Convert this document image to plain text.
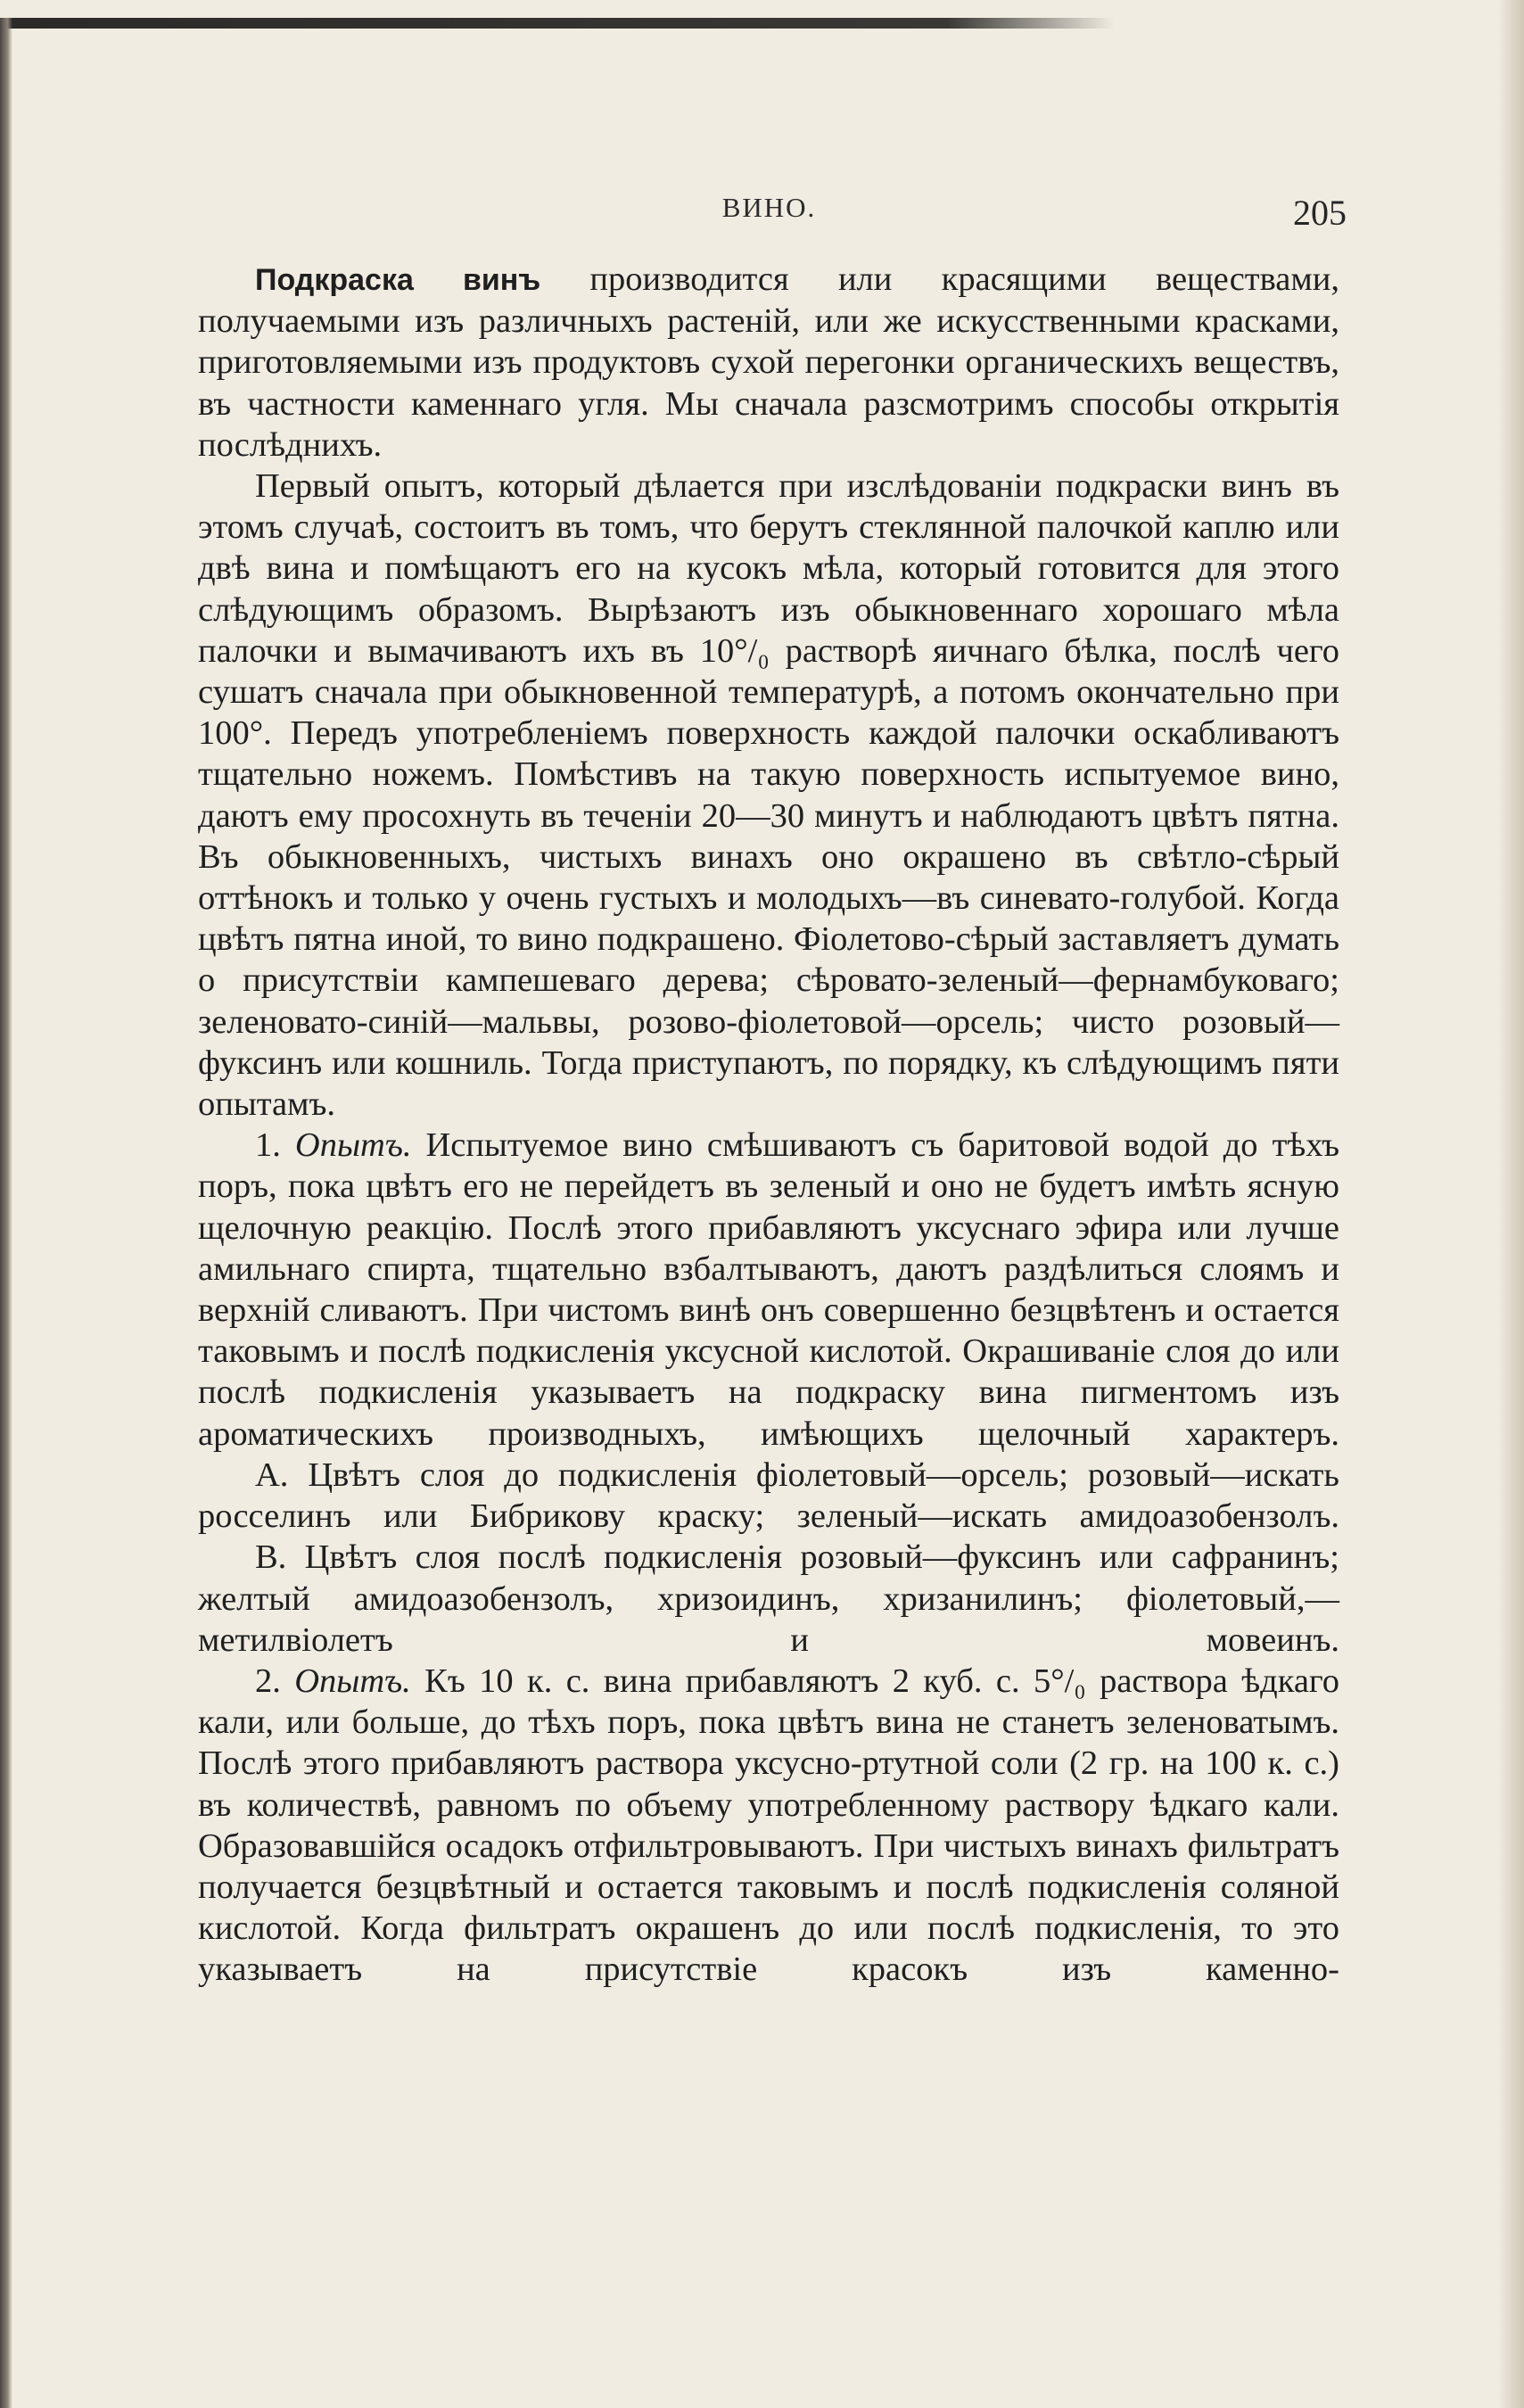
ВИНО.	205

Подкраска винъ производится или красящими веществами, получаемыми изъ различныхъ растеній, или же искусственными красками, приготовляемыми изъ продуктовъ сухой перегонки органическихъ веществъ, въ частности каменнаго угля. Мы сначала разсмотримъ способы открытія послѣднихъ.

Первый опытъ, который дѣлается при изслѣдованіи подкраски винъ въ этомъ случаѣ, состоитъ въ томъ, что берутъ стеклянной палочкой каплю или двѣ вина и помѣщаютъ его на кусокъ мѣла, который готовится для этого слѣдующимъ образомъ. Вырѣзаютъ изъ обыкновеннаго хорошаго мѣла палочки и вымачиваютъ ихъ въ 10°/₀ растворѣ яичнаго бѣлка, послѣ чего сушатъ сначала при обыкновенной температурѣ, а потомъ окончательно при 100°. Передъ употребленіемъ поверхность каждой палочки оскабливаютъ тщательно ножемъ. Помѣстивъ на такую поверхность испытуемое вино, даютъ ему просохнуть въ теченіи 20—30 минутъ и наблюдаютъ цвѣтъ пятна. Въ обыкновенныхъ, чистыхъ винахъ оно окрашено въ свѣтло-сѣрый оттѣнокъ и только у очень густыхъ и молодыхъ—въ синевато-голубой. Когда цвѣтъ пятна иной, то вино подкрашено. Фіолетово-сѣрый заставляетъ думать о присутствіи кампешеваго дерева; сѣровато-зеленый—фернамбуковаго; зеленовато-синій—мальвы, розово-фіолетовой—орсель; чисто розовый—фуксинъ или кошниль. Тогда приступаютъ, по порядку, къ слѣдующимъ пяти опытамъ.

1. Опытъ. Испытуемое вино смѣшиваютъ съ баритовой водой до тѣхъ поръ, пока цвѣтъ его не перейдетъ въ зеленый и оно не будетъ имѣть ясную щелочную реакцію. Послѣ этого прибавляютъ уксуснаго эфира или лучше амильнаго спирта, тщательно взбалтываютъ, даютъ раздѣлиться слоямъ и верхній сливаютъ. При чистомъ винѣ онъ совершенно безцвѣтенъ и остается таковымъ и послѣ подкисленія уксусной кислотой. Окрашиваніе слоя до или послѣ подкисленія указываетъ на подкраску вина пигментомъ изъ ароматическихъ производныхъ, имѣющихъ щелочный характеръ.

А. Цвѣтъ слоя до подкисленія фіолетовый—орсель; розовый—искать росселинъ или Бибрикову краску; зеленый—искать амидоазобензолъ.

В. Цвѣтъ слоя послѣ подкисленія розовый—фуксинъ или сафранинъ; желтый амидоазобензолъ, хризоидинъ, хризанилинъ; фіолетовый,—метилвіолетъ и мовеинъ.

2. Опытъ. Къ 10 к. с. вина прибавляютъ 2 куб. с. 5°/₀ раствора ѣдкаго кали, или больше, до тѣхъ поръ, пока цвѣтъ вина не станетъ зеленоватымъ. Послѣ этого прибавляютъ раствора уксусно-ртутной соли (2 гр. на 100 к. с.) въ количествѣ, равномъ по объему употребленному раствору ѣдкаго кали. Образовавшійся осадокъ отфильтровываютъ. При чистыхъ винахъ фильтратъ получается безцвѣтный и остается таковымъ и послѣ подкисленія соляной кислотой. Когда фильтратъ окрашенъ до или послѣ подкисленія, то это указываетъ на присутствіе красокъ изъ каменно-
